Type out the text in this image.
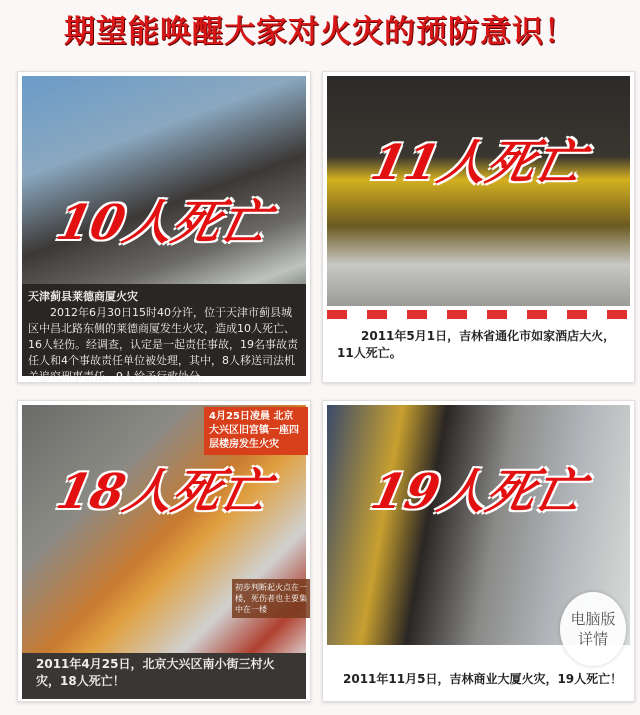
期望能唤醒大家对火灾的预防意识！
10人死亡
天津蓟县莱德商厦火灾
2012年6月30日15时40分许，位于天津市蓟县城区中昌北路东侧的莱德商厦发生火灾，造成10人死亡、16人轻伤。经调查，认定是一起责任事故，19名事故责任人和4个事故责任单位被处理，其中，8人移送司法机关追究刑事责任，9人给予行政处分。
11人死亡
2011年5月1日，吉林省通化市如家酒店大火，11人死亡。
4月25日凌晨 北京大兴区旧宫镇一座四层楼房发生火灾
18人死亡
初步判断起火点在一楼，死伤者也主要集中在一楼
2011年4月25日，北京大兴区南小街三村火灾，18人死亡！
19人死亡
2011年11月5日，吉林商业大厦火灾，19人死亡！
电脑版
详情
